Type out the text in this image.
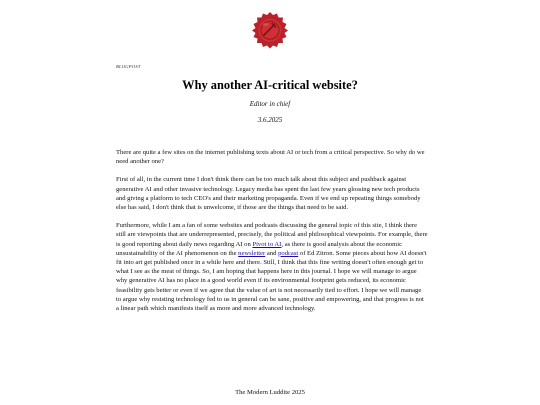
BLOGPOST
Why another AI-critical website?
Editor in chief
3.6.2025

There are quite a few sites on the internet publishing texts about AI or tech from a critical perspective. So why do we need another one?

First of all, in the current time I don't think there can be too much talk about this subject and pushback against generative AI and other invasive technology. Legacy media has spent the last few years glossing new tech products and giving a platform to tech CEO's and their marketing propaganda. Even if we end up repeating things somebody else has said, I don't think that is unwelcome, if those are the things that need to be said.

Furthermore, while I am a fan of some websites and podcasts discussing the general topic of this site, I think there still are viewpoints that are underrepresented, precisely, the political and philosophical viewpoints. For example, there is good reporting about daily news regarding AI on Pivot to AI, as there is good analysis about the economic unsustainability of the AI phenomenon on the newsletter and podcast of Ed Zitron. Some pieces about how AI doesn't fit into art get published once in a while here and there. Still, I think that this fine writing doesn't often enough get to what I see as the meat of things. So, I am hoping that happens here in this journal. I hope we will manage to argue why generative AI has no place in a good world even if its environmental footprint gets reduced, its economic feasibility gets better or even if we agree that the value of art is not necessarily tied to effort. I hope we will manage to argue why resisting technology fed to us in general can be sane, positive and empowering, and that progress is not a linear path which manifests itself as more and more advanced technology.

The Modern Luddite 2025
